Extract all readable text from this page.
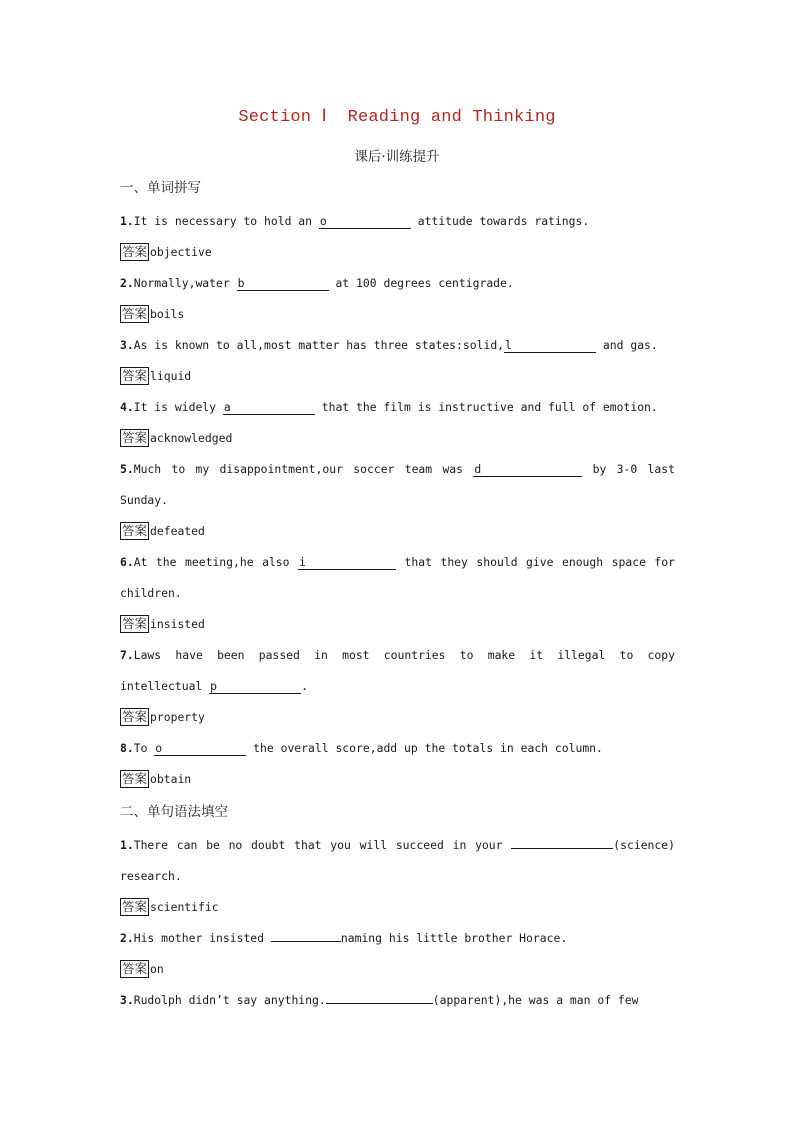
Section Ⅰ  Reading and Thinking
课后·训练提升
一、单词拼写
1.It is necessary to hold an o	attitude towards ratings.
答案 objective
2.Normally,water b	at 100 degrees centigrade.
答案 boils
3.As is known to all,most matter has three states:solid,l	and gas.
答案 liquid
4.It is widely a	that the film is instructive and full of emotion.
答案 acknowledged
5.Much to my disappointment,our soccer team was d	by 3-0 last Sunday.
答案 defeated
6.At the meeting,he also i	that they should give enough space for children.
答案 insisted
7.Laws have been passed in most countries to make it illegal to copy intellectual p	.
答案 property
8.To o	the overall score,add up the totals in each column.
答案 obtain
二、单句语法填空
1.There can be no doubt that you will succeed in your	(science) research.
答案 scientific
2.His mother insisted	naming his little brother Horace.
答案 on
3.Rudolph didn’t say anything.	(apparent),he was a man of few
